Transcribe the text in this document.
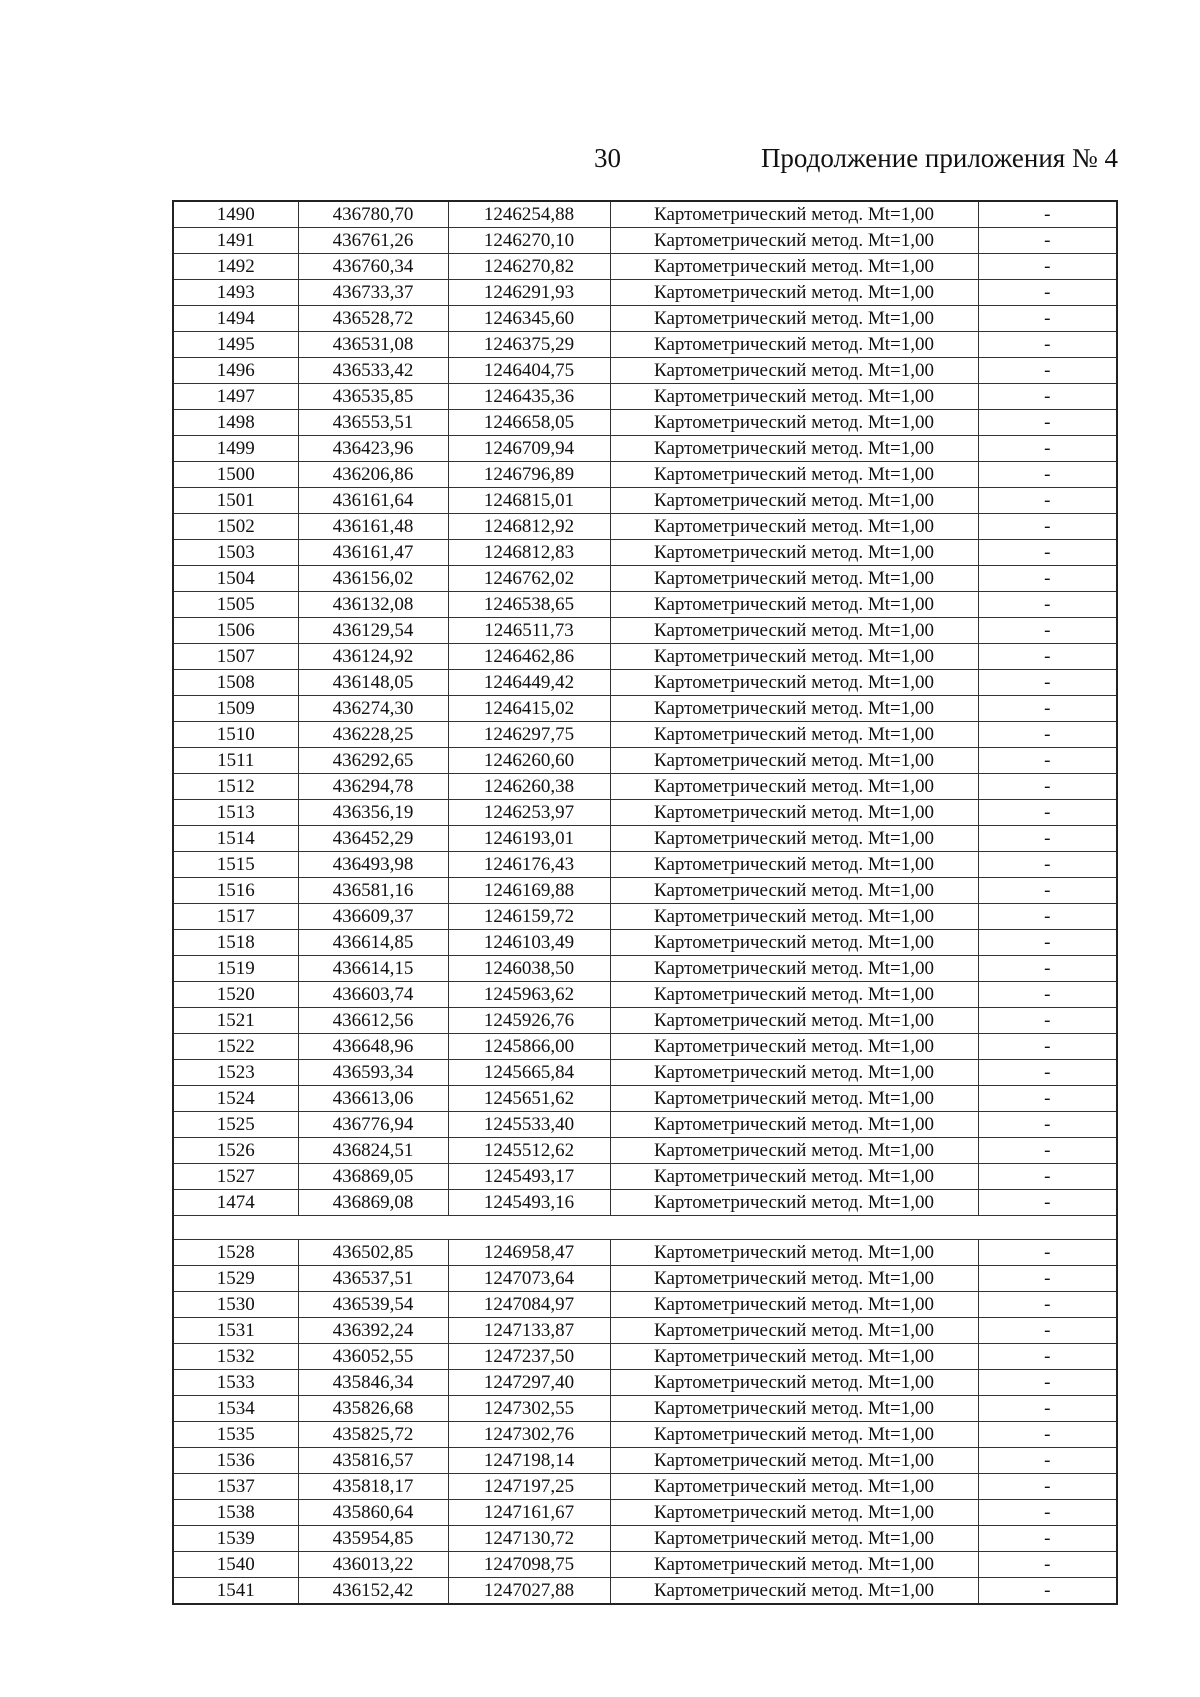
30	Продолжение приложения № 4
1490	436780,70	1246254,88	Картометрический метод. Mt=1,00	-
1491	436761,26	1246270,10	Картометрический метод. Mt=1,00	-
1492	436760,34	1246270,82	Картометрический метод. Mt=1,00	-
1493	436733,37	1246291,93	Картометрический метод. Mt=1,00	-
1494	436528,72	1246345,60	Картометрический метод. Mt=1,00	-
1495	436531,08	1246375,29	Картометрический метод. Mt=1,00	-
1496	436533,42	1246404,75	Картометрический метод. Mt=1,00	-
1497	436535,85	1246435,36	Картометрический метод. Mt=1,00	-
1498	436553,51	1246658,05	Картометрический метод. Mt=1,00	-
1499	436423,96	1246709,94	Картометрический метод. Mt=1,00	-
1500	436206,86	1246796,89	Картометрический метод. Mt=1,00	-
1501	436161,64	1246815,01	Картометрический метод. Mt=1,00	-
1502	436161,48	1246812,92	Картометрический метод. Mt=1,00	-
1503	436161,47	1246812,83	Картометрический метод. Mt=1,00	-
1504	436156,02	1246762,02	Картометрический метод. Mt=1,00	-
1505	436132,08	1246538,65	Картометрический метод. Mt=1,00	-
1506	436129,54	1246511,73	Картометрический метод. Mt=1,00	-
1507	436124,92	1246462,86	Картометрический метод. Mt=1,00	-
1508	436148,05	1246449,42	Картометрический метод. Mt=1,00	-
1509	436274,30	1246415,02	Картометрический метод. Mt=1,00	-
1510	436228,25	1246297,75	Картометрический метод. Mt=1,00	-
1511	436292,65	1246260,60	Картометрический метод. Mt=1,00	-
1512	436294,78	1246260,38	Картометрический метод. Mt=1,00	-
1513	436356,19	1246253,97	Картометрический метод. Mt=1,00	-
1514	436452,29	1246193,01	Картометрический метод. Mt=1,00	-
1515	436493,98	1246176,43	Картометрический метод. Mt=1,00	-
1516	436581,16	1246169,88	Картометрический метод. Mt=1,00	-
1517	436609,37	1246159,72	Картометрический метод. Mt=1,00	-
1518	436614,85	1246103,49	Картометрический метод. Mt=1,00	-
1519	436614,15	1246038,50	Картометрический метод. Mt=1,00	-
1520	436603,74	1245963,62	Картометрический метод. Mt=1,00	-
1521	436612,56	1245926,76	Картометрический метод. Mt=1,00	-
1522	436648,96	1245866,00	Картометрический метод. Mt=1,00	-
1523	436593,34	1245665,84	Картометрический метод. Mt=1,00	-
1524	436613,06	1245651,62	Картометрический метод. Mt=1,00	-
1525	436776,94	1245533,40	Картометрический метод. Mt=1,00	-
1526	436824,51	1245512,62	Картометрический метод. Mt=1,00	-
1527	436869,05	1245493,17	Картометрический метод. Mt=1,00	-
1474	436869,08	1245493,16	Картометрический метод. Mt=1,00	-

1528	436502,85	1246958,47	Картометрический метод. Mt=1,00	-
1529	436537,51	1247073,64	Картометрический метод. Mt=1,00	-
1530	436539,54	1247084,97	Картометрический метод. Mt=1,00	-
1531	436392,24	1247133,87	Картометрический метод. Mt=1,00	-
1532	436052,55	1247237,50	Картометрический метод. Mt=1,00	-
1533	435846,34	1247297,40	Картометрический метод. Mt=1,00	-
1534	435826,68	1247302,55	Картометрический метод. Mt=1,00	-
1535	435825,72	1247302,76	Картометрический метод. Mt=1,00	-
1536	435816,57	1247198,14	Картометрический метод. Mt=1,00	-
1537	435818,17	1247197,25	Картометрический метод. Mt=1,00	-
1538	435860,64	1247161,67	Картометрический метод. Mt=1,00	-
1539	435954,85	1247130,72	Картометрический метод. Mt=1,00	-
1540	436013,22	1247098,75	Картометрический метод. Mt=1,00	-
1541	436152,42	1247027,88	Картометрический метод. Mt=1,00	-
